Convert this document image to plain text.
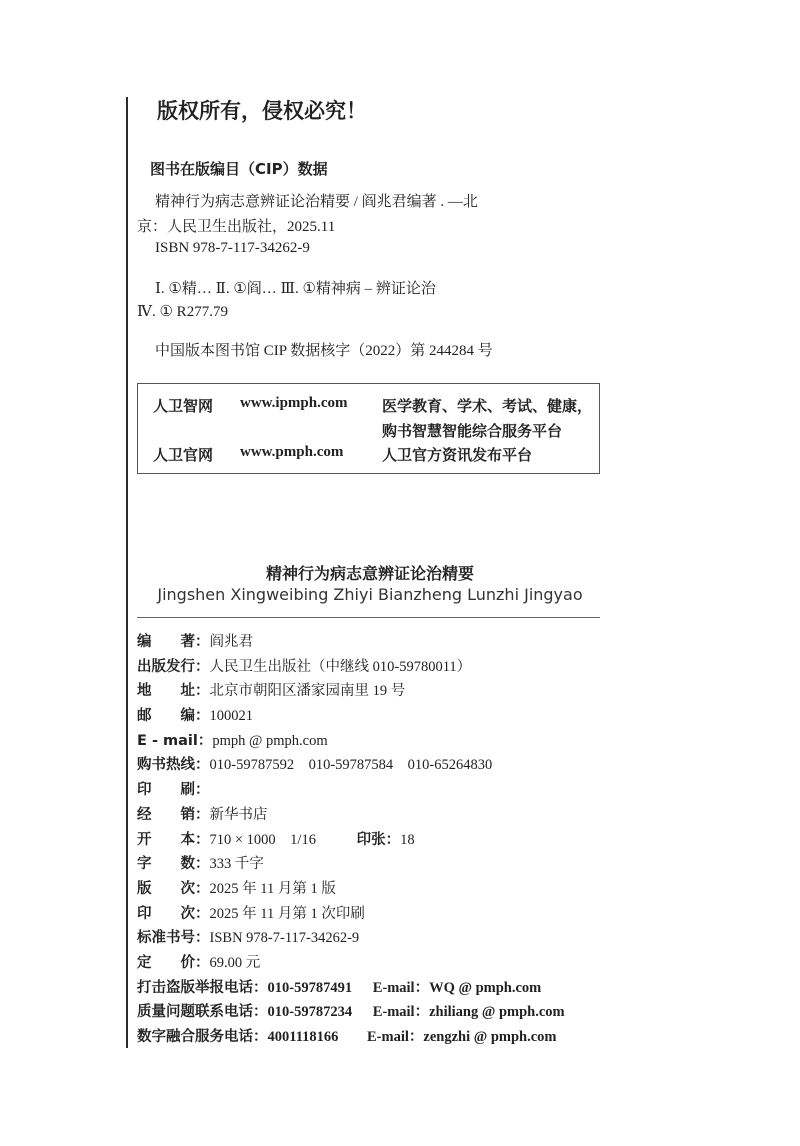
版权所有，侵权必究！
图书在版编目（CIP）数据
精神行为病志意辨证论治精要 / 阎兆君编著 . —北
京：人民卫生出版社，2025.11
ISBN 978-7-117-34262-9
Ⅰ. ①精… Ⅱ. ①阎… Ⅲ. ①精神病 – 辨证论治
Ⅳ. ① R277.79
中国版本图书馆 CIP 数据核字（2022）第 244284 号
人卫智网 www.ipmph.com 医学教育、学术、考试、健康，
购书智慧智能综合服务平台
人卫官网 www.pmph.com	人卫官方资讯发布平台
精神行为病志意辨证论治精要
Jingshen Xingweibing Zhiyi Bianzheng Lunzhi Jingyao
编　　著：阎兆君
出版发行：人民卫生出版社（中继线 010-59780011）
地　　址：北京市朝阳区潘家园南里 19 号
邮　　编：100021
E - mail：pmph @ pmph.com
购书热线：010-59787592　010-59787584　010-65264830
印　　刷：
经　　销：新华书店
开　　本：710 × 1000　1/16	印张：18
字　　数：333 千字
版　　次：2025 年 11 月第 1 版
印　　次：2025 年 11 月第 1 次印刷
标准书号：ISBN 978-7-117-34262-9
定　　价：69.00 元
打击盗版举报电话：010-59787491 E-mail：WQ @ pmph.com
质量问题联系电话：010-59787234 E-mail：zhiliang @ pmph.com
数字融合服务电话：4001118166 E-mail：zengzhi @ pmph.com
